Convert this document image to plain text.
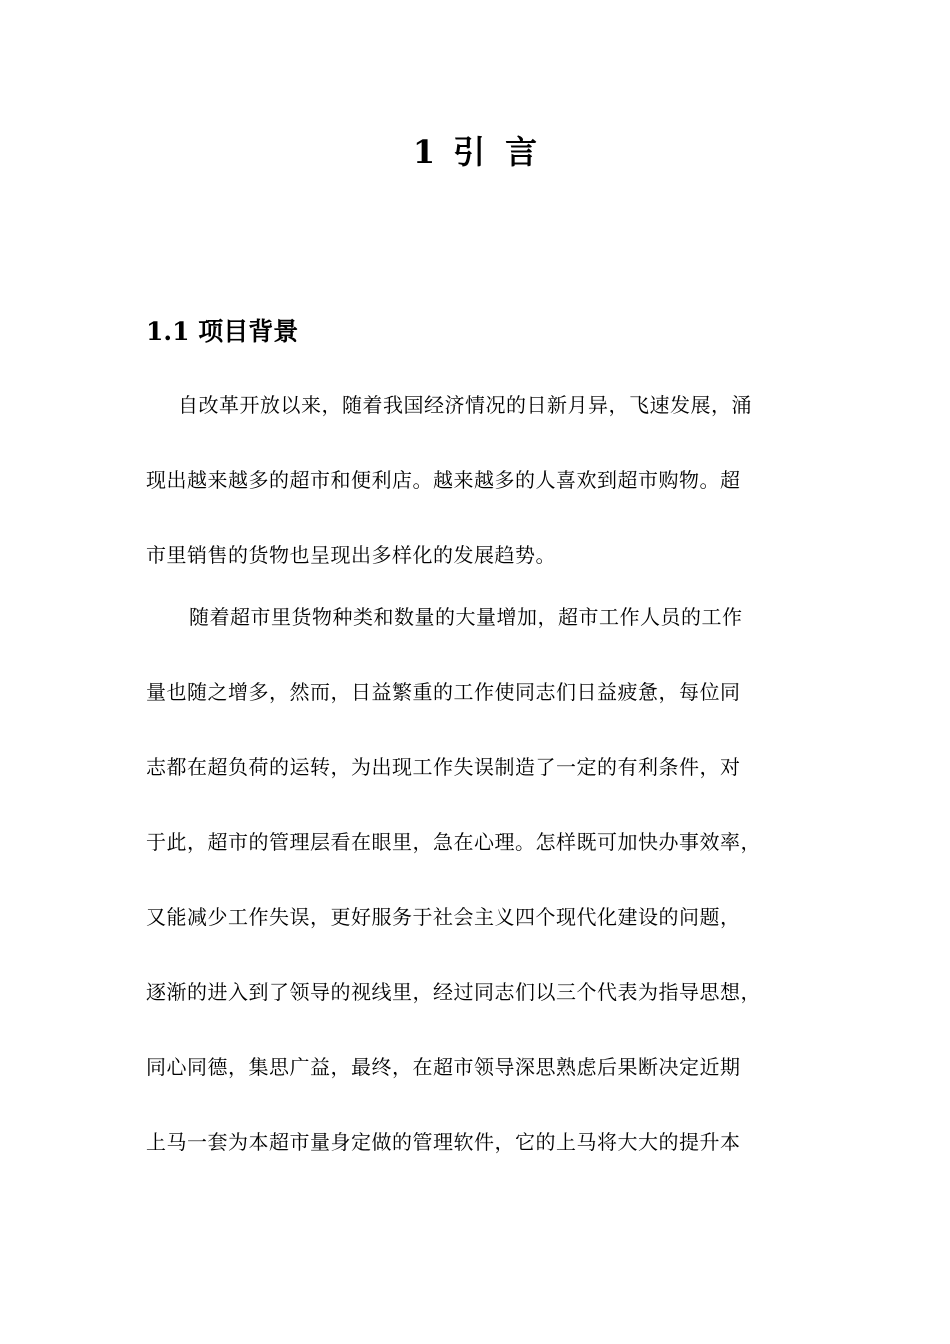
1 引 言
1.1 项目背景
自改革开放以来，随着我国经济情况的日新月异，飞速发展，涌
现出越来越多的超市和便利店。越来越多的人喜欢到超市购物。超
市里销售的货物也呈现出多样化的发展趋势。
随着超市里货物种类和数量的大量增加，超市工作人员的工作
量也随之增多，然而，日益繁重的工作使同志们日益疲惫，每位同
志都在超负荷的运转，为出现工作失误制造了一定的有利条件，对
于此，超市的管理层看在眼里，急在心理。怎样既可加快办事效率，
又能减少工作失误，更好服务于社会主义四个现代化建设的问题，
逐渐的进入到了领导的视线里，经过同志们以三个代表为指导思想，
同心同德，集思广益，最终，在超市领导深思熟虑后果断决定近期
上马一套为本超市量身定做的管理软件，它的上马将大大的提升本
